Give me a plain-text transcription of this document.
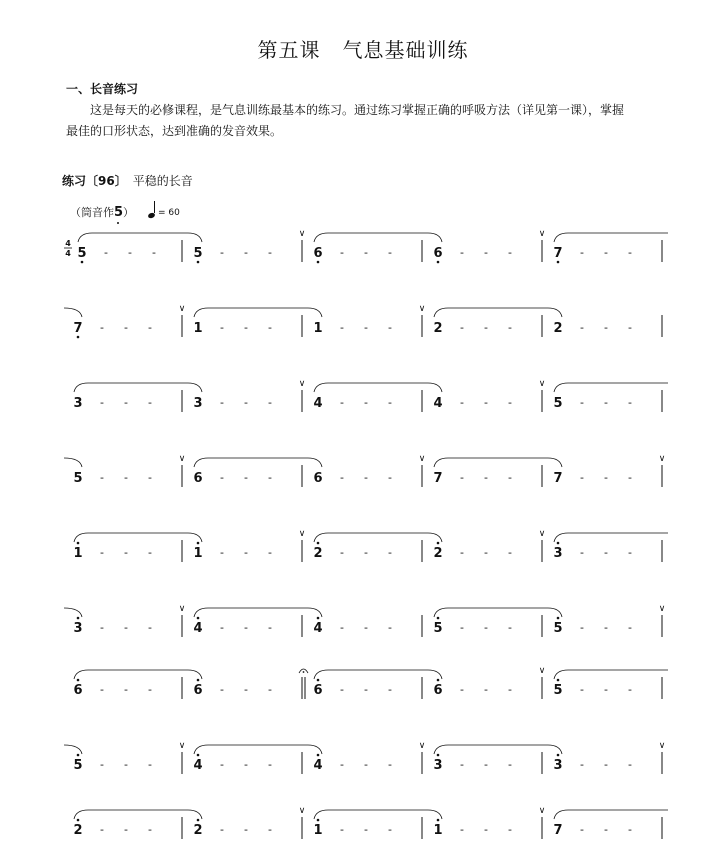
第五课 气息基础训练
一、长音练习
这是每天的必修课程，是气息训练最基本的练习。通过练习掌握正确的呼吸方法（详见第一课），掌握
最佳的口形状态，达到准确的发音效果。
练习〔96〕 平稳的长音
（筒音作5）	= 60
4
4 5 - - -	5 - - -	6 - - -	6 - - -	7 - - -
∨	∨
7 - - -	1 - - -	1 - - -	2 - - -	2 - - -
∨	∨
3 - - -	3 - - -	4 - - -	4 - - -	5 - - -
∨	∨
5 - - -	6 - - -	6 - - -	7 - - -	7 - - -
∨	∨	∨
1 - - -	1 - - -	2 - - -	2 - - -	3 - - -
∨	∨
3 - - -	4 - - -	4 - - -	5 - - -	5 - - -
∨	∨
6 - - -	6 - - -	6 - - -	6 - - -	5 - - -
∨
5 - - -	4 - - -	4 - - -	3 - - -	3 - - -
∨	∨	∨
2 - - -	2 - - -	1 - - -	1 - - -	7 - - -
∨	∨
